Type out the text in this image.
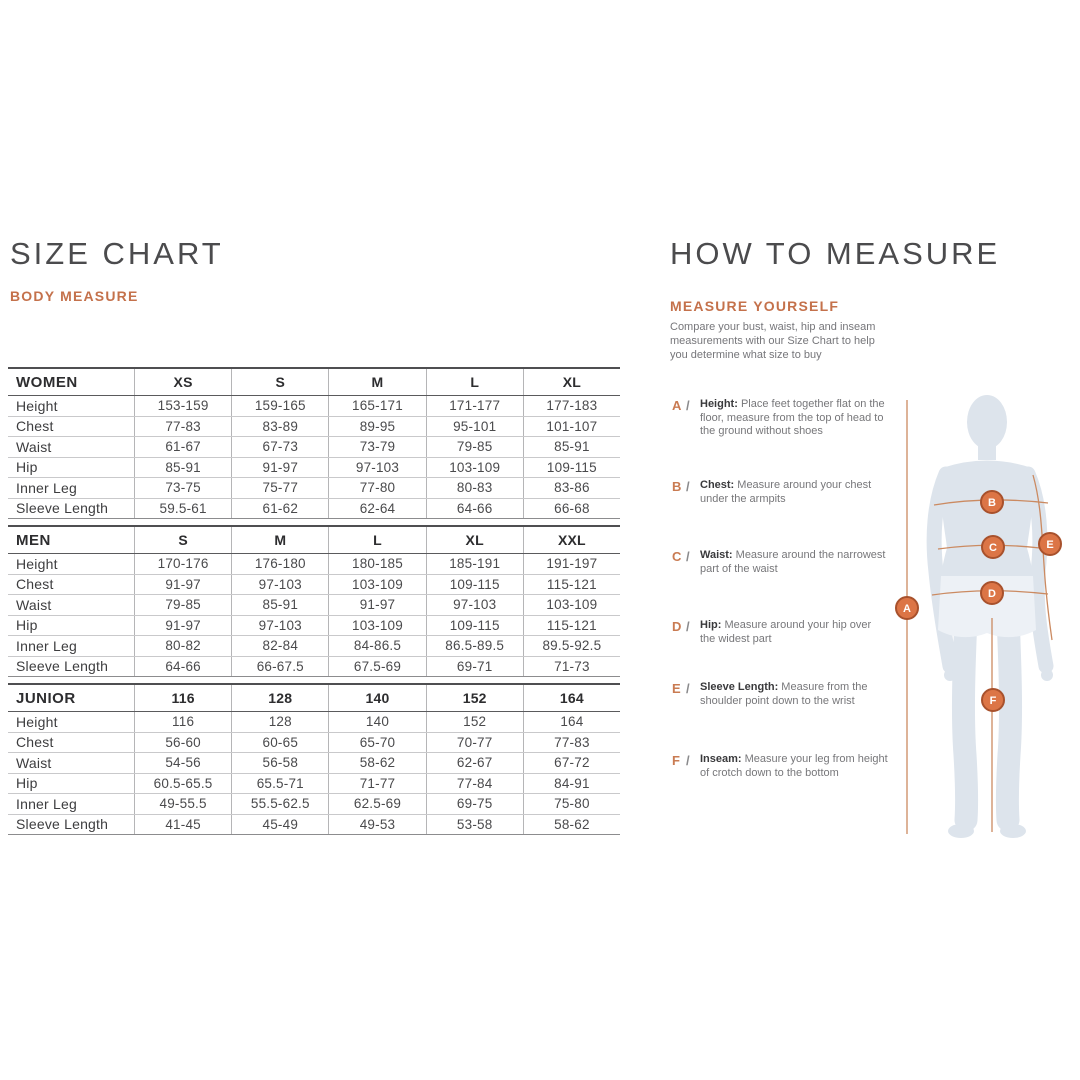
SIZE CHART
BODY MEASURE
WOMEN	XS	S	M	L	XL
Height	153-159	159-165	165-171	171-177	177-183
Chest	77-83	83-89	89-95	95-101	101-107
Waist	61-67	67-73	73-79	79-85	85-91
Hip	85-91	91-97	97-103	103-109	109-115
Inner Leg	73-75	75-77	77-80	80-83	83-86
Sleeve Length	59.5-61	61-62	62-64	64-66	66-68
MEN	S	M	L	XL	XXL
Height	170-176	176-180	180-185	185-191	191-197
Chest	91-97	97-103	103-109	109-115	115-121
Waist	79-85	85-91	91-97	97-103	103-109
Hip	91-97	97-103	103-109	109-115	115-121
Inner Leg	80-82	82-84	84-86.5	86.5-89.5	89.5-92.5
Sleeve Length	64-66	66-67.5	67.5-69	69-71	71-73
JUNIOR	116	128	140	152	164
Height	116	128	140	152	164
Chest	56-60	60-65	65-70	70-77	77-83
Waist	54-56	56-58	58-62	62-67	67-72
Hip	60.5-65.5	65.5-71	71-77	77-84	84-91
Inner Leg	49-55.5	55.5-62.5	62.5-69	69-75	75-80
Sleeve Length	41-45	45-49	49-53	53-58	58-62
HOW TO MEASURE
MEASURE YOURSELF
Compare your bust, waist, hip and inseam measurements with our Size Chart to help you determine what size to buy
A / Height: Place feet together flat on the floor, measure from the top of head to the ground without shoes
B / Chest: Measure around your chest under the armpits
C / Waist: Measure around the narrowest part of the waist
D / Hip: Measure around your hip over the widest part
E / Sleeve Length: Measure from the shoulder point down to the wrist
F / Inseam: Measure your leg from height of crotch down to the bottom
A
B
C
D
E
F
